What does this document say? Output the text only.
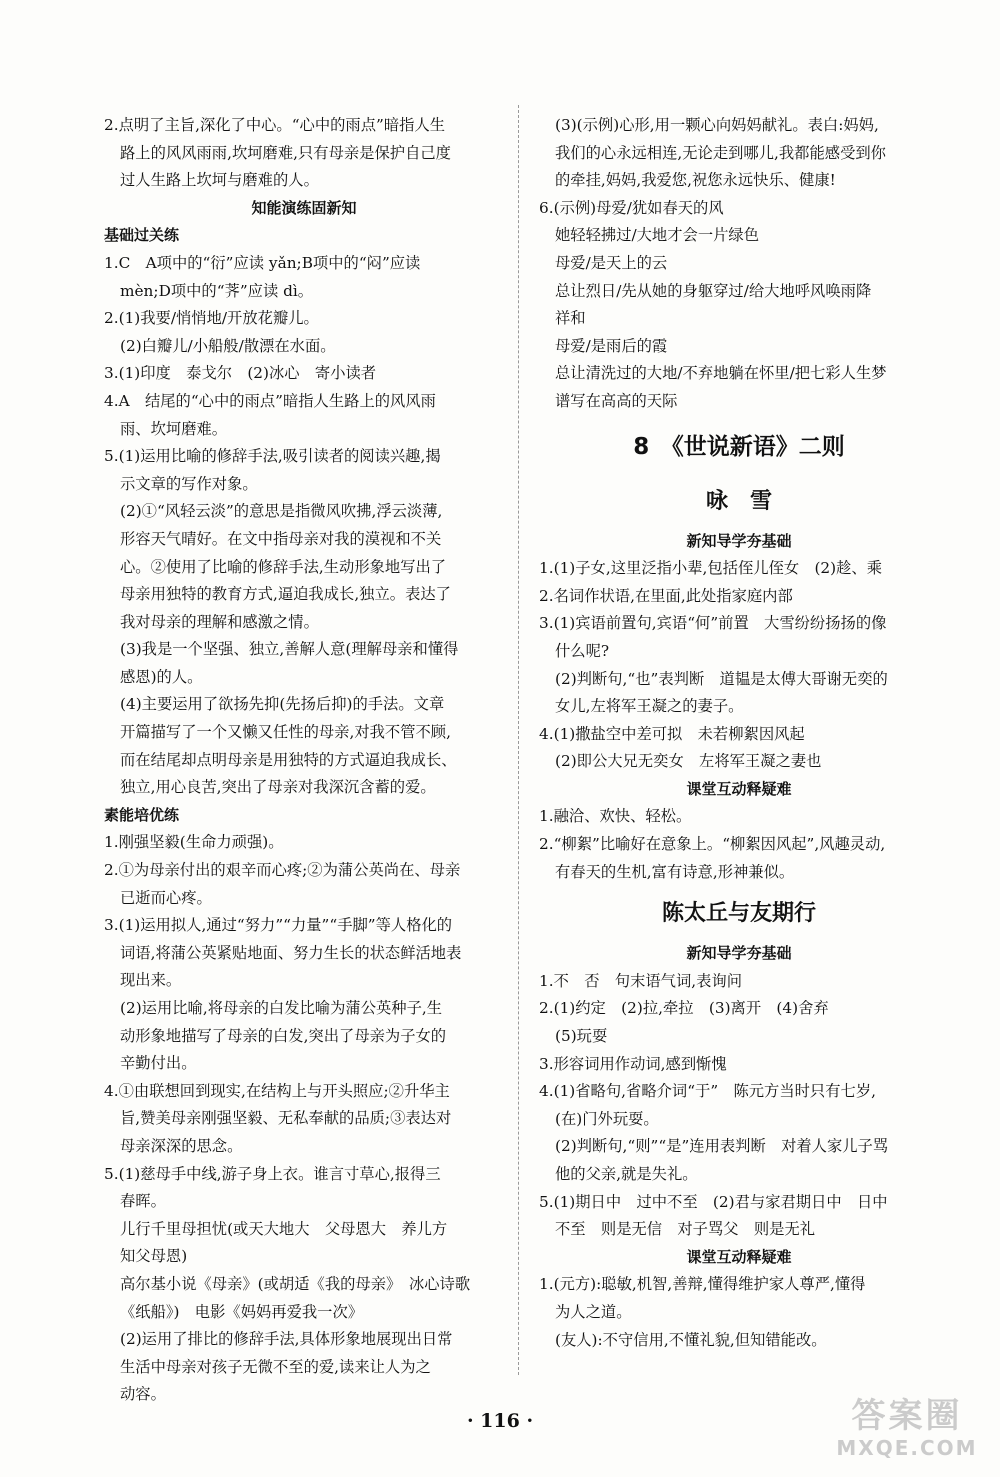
2.点明了主旨,深化了中心。“心中的雨点”暗指人生
路上的风风雨雨,坎坷磨难,只有母亲是保护自己度
过人生路上坎坷与磨难的人。
知能演练固新知
基础过关练
1.C　A项中的“衍”应读 yǎn;B项中的“闷”应读
mèn;D项中的“荠”应读 dì。
2.(1)我要/悄悄地/开放花瓣儿。
(2)白瓣儿/小船般/散漂在水面。
3.(1)印度　泰戈尔　(2)冰心　寄小读者
4.A　结尾的“心中的雨点”暗指人生路上的风风雨
雨、坎坷磨难。
5.(1)运用比喻的修辞手法,吸引读者的阅读兴趣,揭
示文章的写作对象。
(2)①“风轻云淡”的意思是指微风吹拂,浮云淡薄,
形容天气晴好。在文中指母亲对我的漠视和不关
心。②使用了比喻的修辞手法,生动形象地写出了
母亲用独特的教育方式,逼迫我成长,独立。表达了
我对母亲的理解和感激之情。
(3)我是一个坚强、独立,善解人意(理解母亲和懂得
感恩)的人。
(4)主要运用了欲扬先抑(先扬后抑)的手法。文章
开篇描写了一个又懒又任性的母亲,对我不管不顾,
而在结尾却点明母亲是用独特的方式逼迫我成长、
独立,用心良苦,突出了母亲对我深沉含蓄的爱。
素能培优练
1.刚强坚毅(生命力顽强)。
2.①为母亲付出的艰辛而心疼;②为蒲公英尚在、母亲
已逝而心疼。
3.(1)运用拟人,通过“努力”“力量”“手脚”等人格化的
词语,将蒲公英紧贴地面、努力生长的状态鲜活地表
现出来。
(2)运用比喻,将母亲的白发比喻为蒲公英种子,生
动形象地描写了母亲的白发,突出了母亲为子女的
辛勤付出。
4.①由联想回到现实,在结构上与开头照应;②升华主
旨,赞美母亲刚强坚毅、无私奉献的品质;③表达对
母亲深深的思念。
5.(1)慈母手中线,游子身上衣。谁言寸草心,报得三
春晖。
儿行千里母担忧(或天大地大　父母恩大　养儿方
知父母恩)
高尔基小说《母亲》(或胡适《我的母亲》　冰心诗歌
《纸船》)　电影《妈妈再爱我一次》
(2)运用了排比的修辞手法,具体形象地展现出日常
生活中母亲对孩子无微不至的爱,读来让人为之
动容。
(3)(示例)心形,用一颗心向妈妈献礼。表白:妈妈,
我们的心永远相连,无论走到哪儿,我都能感受到你
的牵挂,妈妈,我爱您,祝您永远快乐、健康!
6.(示例)母爱/犹如春天的风
她轻轻拂过/大地才会一片绿色
母爱/是天上的云
总让烈日/先从她的身躯穿过/给大地呼风唤雨降
祥和
母爱/是雨后的霞
总让清洗过的大地/不弃地躺在怀里/把七彩人生梦
谱写在高高的天际
8　《世说新语》二则
咏　雪
新知导学夯基础
1.(1)子女,这里泛指小辈,包括侄儿侄女　(2)趁、乘
2.名词作状语,在里面,此处指家庭内部
3.(1)宾语前置句,宾语“何”前置　大雪纷纷扬扬的像
什么呢?
(2)判断句,“也”表判断　道韫是太傅大哥谢无奕的
女儿,左将军王凝之的妻子。
4.(1)撒盐空中差可拟　未若柳絮因风起
(2)即公大兄无奕女　左将军王凝之妻也
课堂互动释疑难
1.融洽、欢快、轻松。
2.“柳絮”比喻好在意象上。“柳絮因风起”,风趣灵动,
有春天的生机,富有诗意,形神兼似。
陈太丘与友期行
新知导学夯基础
1.不　否　句末语气词,表询问
2.(1)约定　(2)拉,牵拉　(3)离开　(4)舍弃
(5)玩耍
3.形容词用作动词,感到惭愧
4.(1)省略句,省略介词“于”　陈元方当时只有七岁,
(在)门外玩耍。
(2)判断句,“则”“是”连用表判断　对着人家儿子骂
他的父亲,就是失礼。
5.(1)期日中　过中不至　(2)君与家君期日中　日中
不至　则是无信　对子骂父　则是无礼
课堂互动释疑难
1.(元方):聪敏,机智,善辩,懂得维护家人尊严,懂得
为人之道。
(友人):不守信用,不懂礼貌,但知错能改。
· 116 ·	答案圈
MXQE.COM
